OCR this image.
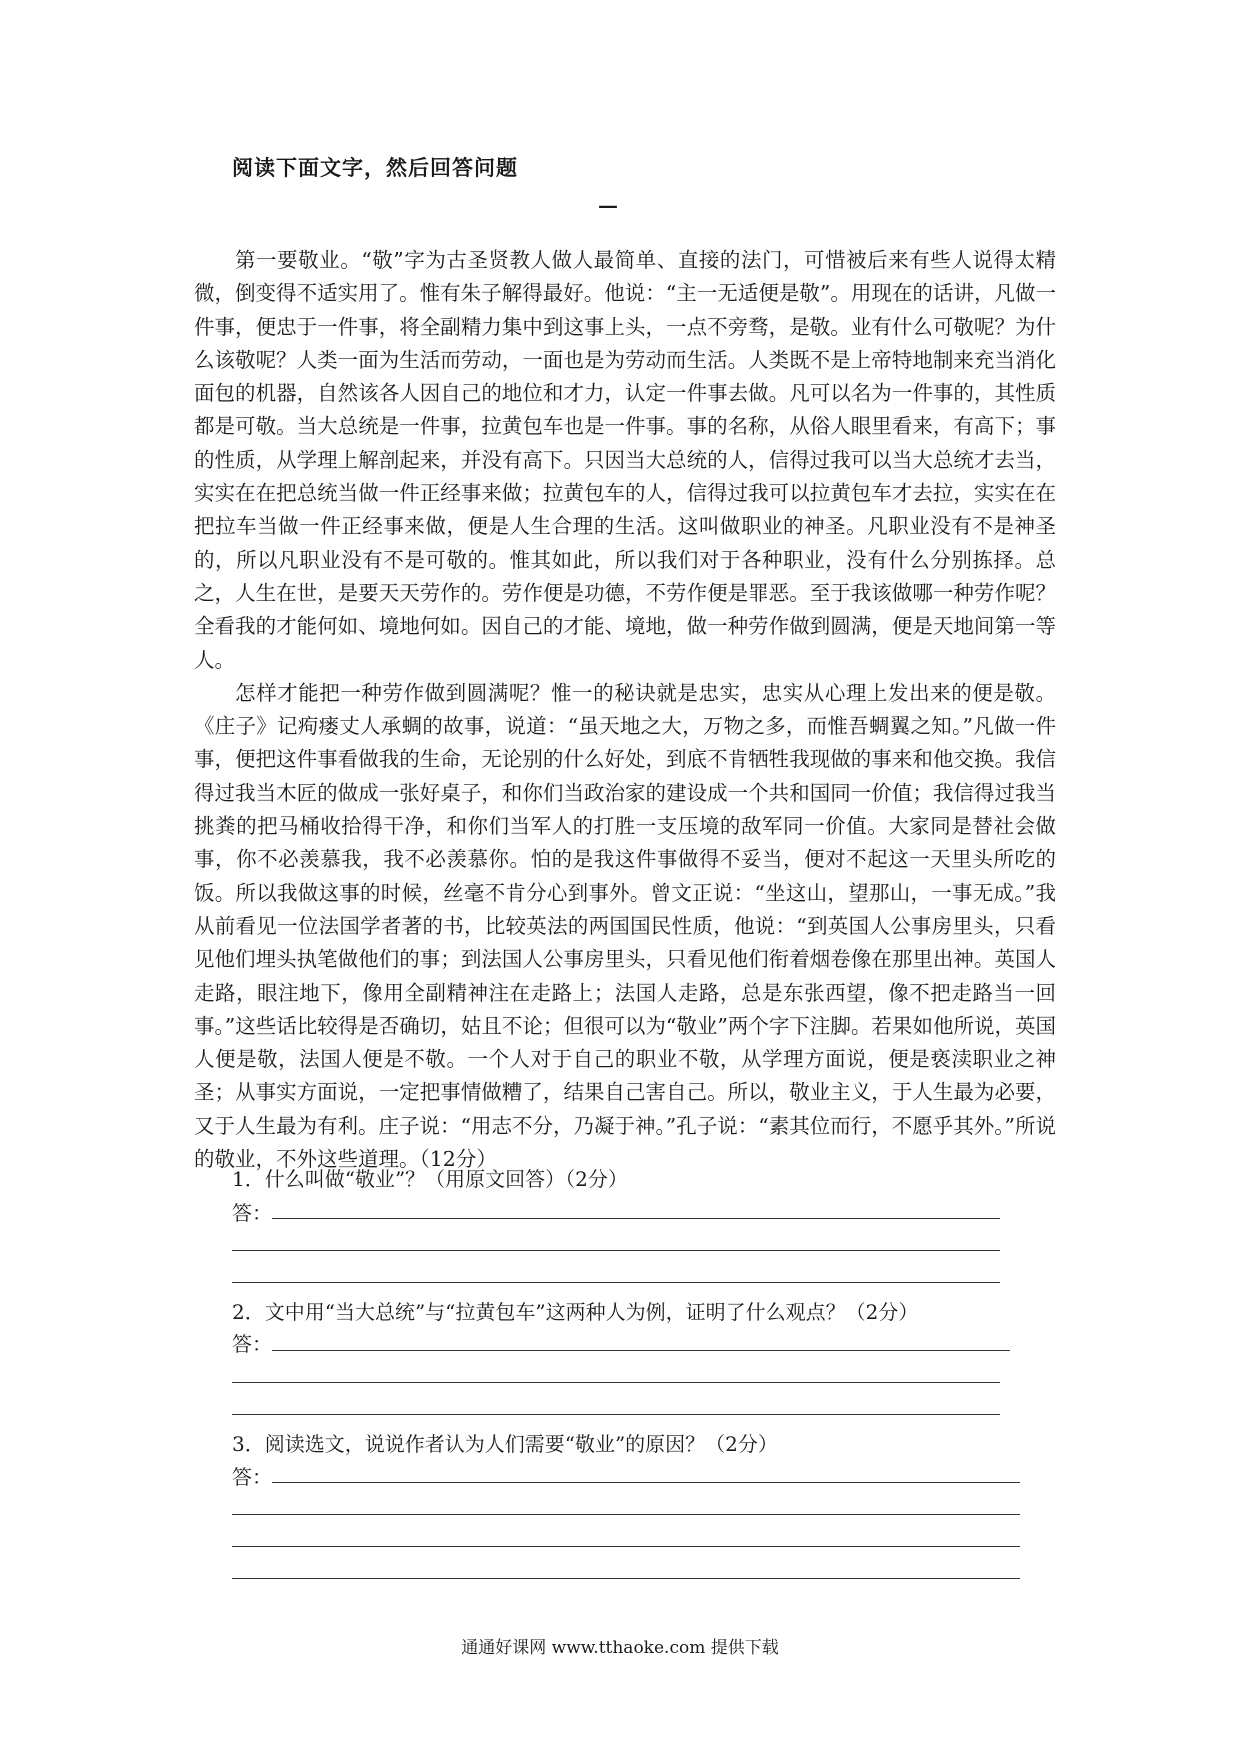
阅读下面文字，然后回答问题
—

第一要敬业。“敬”字为古圣贤教人做人最简单、直接的法门，可惜被后来有些人说得太精微，倒变得不适实用了。惟有朱子解得最好。他说：“主一无适便是敬”。用现在的话讲，凡做一件事，便忠于一件事，将全副精力集中到这事上头，一点不旁骛，是敬。业有什么可敬呢？为什么该敬呢？人类一面为生活而劳动，一面也是为劳动而生活。人类既不是上帝特地制来充当消化面包的机器，自然该各人因自己的地位和才力，认定一件事去做。凡可以名为一件事的，其性质都是可敬。当大总统是一件事，拉黄包车也是一件事。事的名称，从俗人眼里看来，有高下；事的性质，从学理上解剖起来，并没有高下。只因当大总统的人，信得过我可以当大总统才去当，实实在在把总统当做一件正经事来做；拉黄包车的人，信得过我可以拉黄包车才去拉，实实在在把拉车当做一件正经事来做，便是人生合理的生活。这叫做职业的神圣。凡职业没有不是神圣的，所以凡职业没有不是可敬的。惟其如此，所以我们对于各种职业，没有什么分别拣择。总之，人生在世，是要天天劳作的。劳作便是功德，不劳作便是罪恶。至于我该做哪一种劳作呢？全看我的才能何如、境地何如。因自己的才能、境地，做一种劳作做到圆满，便是天地间第一等人。

怎样才能把一种劳作做到圆满呢？惟一的秘诀就是忠实，忠实从心理上发出来的便是敬。《庄子》记痀瘘丈人承蜩的故事，说道：“虽天地之大，万物之多，而惟吾蜩翼之知。”凡做一件事，便把这件事看做我的生命，无论别的什么好处，到底不肯牺牲我现做的事来和他交换。我信得过我当木匠的做成一张好桌子，和你们当政治家的建设成一个共和国同一价值；我信得过我当挑粪的把马桶收拾得干净，和你们当军人的打胜一支压境的敌军同一价值。大家同是替社会做事，你不必羡慕我，我不必羡慕你。怕的是我这件事做得不妥当，便对不起这一天里头所吃的饭。所以我做这事的时候，丝毫不肯分心到事外。曾文正说：“坐这山，望那山，一事无成。”我从前看见一位法国学者著的书，比较英法的两国国民性质，他说：“到英国人公事房里头，只看见他们埋头执笔做他们的事；到法国人公事房里头，只看见他们衔着烟卷像在那里出神。英国人走路，眼注地下，像用全副精神注在走路上；法国人走路，总是东张西望，像不把走路当一回事。”这些话比较得是否确切，姑且不论；但很可以为“敬业”两个字下注脚。若果如他所说，英国人便是敬，法国人便是不敬。一个人对于自己的职业不敬，从学理方面说，便是亵渎职业之神圣；从事实方面说，一定把事情做糟了，结果自己害自己。所以，敬业主义，于人生最为必要，又于人生最为有利。庄子说：“用志不分，乃凝于神。”孔子说：“素其位而行，不愿乎其外。”所说的敬业，不外这些道理。（12分）

1．什么叫做“敬业”？（用原文回答）（2分）
答：
2．文中用“当大总统”与“拉黄包车”这两种人为例，证明了什么观点？（2分）
答：
3．阅读选文，说说作者认为人们需要“敬业”的原因？（2分）
答：
通通好课网 www.tthaoke.com 提供下载
